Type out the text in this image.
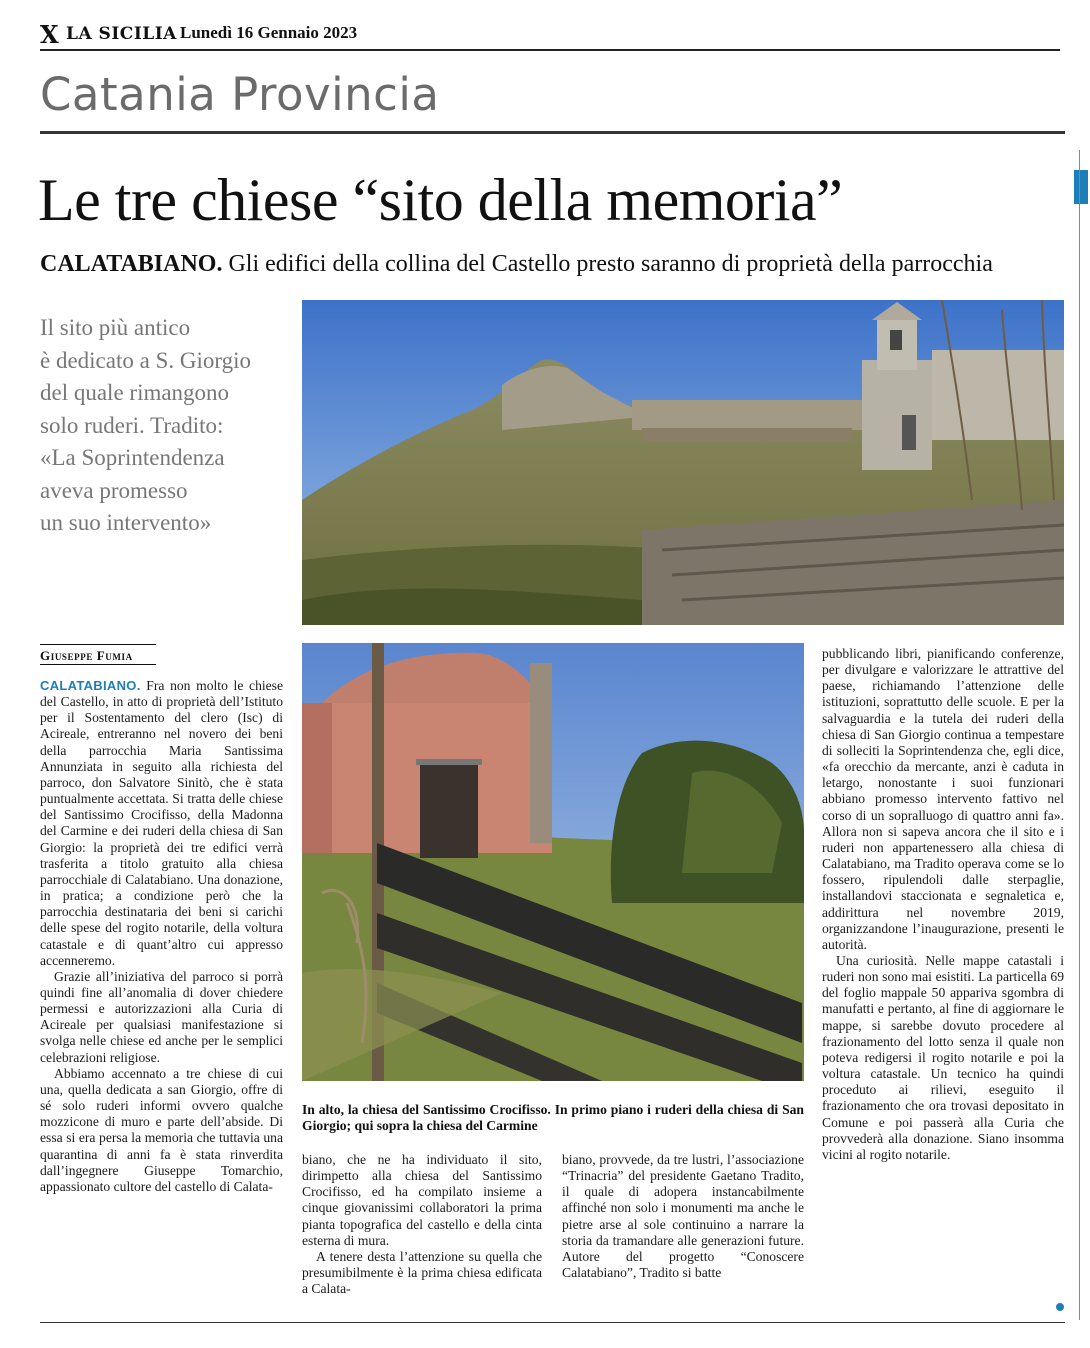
X LA SICILIA Lunedì 16 Gennaio 2023
Catania Provincia
Le tre chiese “sito della memoria”
CALATABIANO. Gli edifici della collina del Castello presto saranno di proprietà della parrocchia
Il sito più antico
è dedicato a S. Giorgio
del quale rimangono
solo ruderi. Tradito:
«La Soprintendenza
aveva promesso
un suo intervento»
Giuseppe Fumia

CALATABIANO. Fra non molto le chiese del Castello, in atto di proprietà dell’Istituto per il Sostentamento del clero (Isc) di Acireale, entreranno nel novero dei beni della parrocchia Maria Santissima Annunziata in seguito alla richiesta del parroco, don Salvatore Sinitò, che è stata puntualmente accettata. Si tratta delle chiese del Santissimo Crocifisso, della Madonna del Carmine e dei ruderi della chiesa di San Giorgio: la proprietà dei tre edifici verrà trasferita a titolo gratuito alla chiesa parrocchiale di Calatabiano. Una donazione, in pratica; a condizione però che la parrocchia destinataria dei beni si carichi delle spese del rogito notarile, della voltura catastale e di quant’altro cui appresso accenneremo.

Grazie all’iniziativa del parroco si porrà quindi fine all’anomalia di dover chiedere permessi e autorizzazioni alla Curia di Acireale per qualsiasi manifestazione si svolga nelle chiese ed anche per le semplici celebrazioni religiose.

Abbiamo accennato a tre chiese di cui una, quella dedicata a san Giorgio, offre di sé solo ruderi informi ovvero qualche mozzicone di muro e parte dell’abside. Di essa si era persa la memoria che tuttavia una quarantina di anni fa è stata rinverdita dall’ingegnere Giuseppe Tomarchio, appassionato cultore del castello di Calata-

In alto, la chiesa del Santissimo Crocifisso. In primo piano i ruderi della chiesa di San Giorgio; qui sopra la chiesa del Carmine

biano, che ne ha individuato il sito, dirimpetto alla chiesa del Santissimo Crocifisso, ed ha compilato insieme a cinque giovanissimi collaboratori la prima pianta topografica del castello e della cinta esterna di mura.

A tenere desta l’attenzione su quella che presumibilmente è la prima chiesa edificata a Calata-

biano, provvede, da tre lustri, l’associazione “Trinacria” del presidente Gaetano Tradito, il quale di adopera instancabilmente affinché non solo i monumenti ma anche le pietre arse al sole continuino a narrare la storia da tramandare alle generazioni future. Autore del progetto “Conoscere Calatabiano”, Tradito si batte

pubblicando libri, pianificando conferenze, per divulgare e valorizzare le attrattive del paese, richiamando l’attenzione delle istituzioni, soprattutto delle scuole. E per la salvaguardia e la tutela dei ruderi della chiesa di San Giorgio continua a tempestare di solleciti la Soprintendenza che, egli dice, «fa orecchio da mercante, anzi è caduta in letargo, nonostante i suoi funzionari abbiano promesso intervento fattivo nel corso di un sopralluogo di quattro anni fa». Allora non si sapeva ancora che il sito e i ruderi non appartenessero alla chiesa di Calatabiano, ma Tradito operava come se lo fossero, ripulendoli dalle sterpaglie, installandovi staccionata e segnaletica e, addirittura nel novembre 2019, organizzandone l’inaugurazione, presenti le autorità.

Una curiosità. Nelle mappe catastali i ruderi non sono mai esistiti. La particella 69 del foglio mappale 50 appariva sgombra di manufatti e pertanto, al fine di aggiornare le mappe, si sarebbe dovuto procedere al frazionamento del lotto senza il quale non poteva redigersi il rogito notarile e poi la voltura catastale. Un tecnico ha quindi proceduto ai rilievi, eseguito il frazionamento che ora trovasi depositato in Comune e poi passerà alla Curia che provvederà alla donazione. Siano insomma vicini al rogito notarile.
